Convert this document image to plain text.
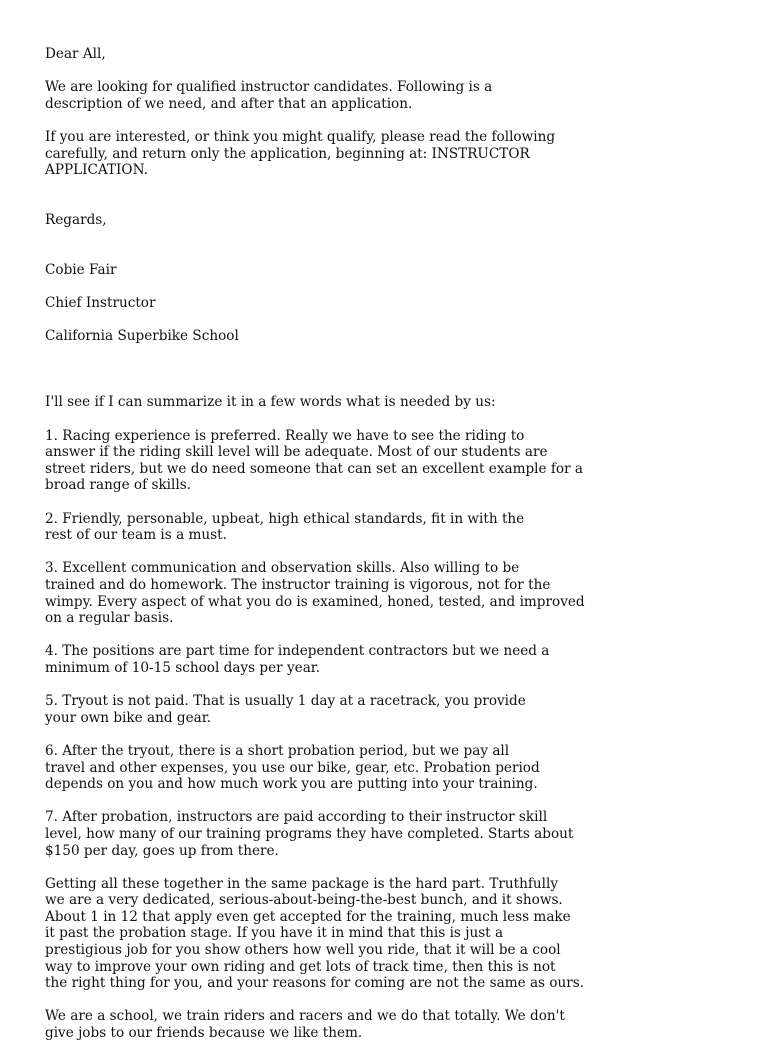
Dear All,

We are looking for qualified instructor candidates. Following is a
description of we need, and after that an application.

If you are interested, or think you might qualify, please read the following
carefully, and return only the application, beginning at: INSTRUCTOR
APPLICATION.

Regards,

Cobie Fair

Chief Instructor

California Superbike School

I'll see if I can summarize it in a few words what is needed by us:

1. Racing experience is preferred. Really we have to see the riding to
answer if the riding skill level will be adequate. Most of our students are
street riders, but we do need someone that can set an excellent example for a
broad range of skills.

2. Friendly, personable, upbeat, high ethical standards, fit in with the
rest of our team is a must.

3. Excellent communication and observation skills. Also willing to be
trained and do homework. The instructor training is vigorous, not for the
wimpy. Every aspect of what you do is examined, honed, tested, and improved
on a regular basis.

4. The positions are part time for independent contractors but we need a
minimum of 10-15 school days per year.

5. Tryout is not paid. That is usually 1 day at a racetrack, you provide
your own bike and gear.

6. After the tryout, there is a short probation period, but we pay all
travel and other expenses, you use our bike, gear, etc. Probation period
depends on you and how much work you are putting into your training.

7. After probation, instructors are paid according to their instructor skill
level, how many of our training programs they have completed. Starts about
$150 per day, goes up from there.

Getting all these together in the same package is the hard part. Truthfully
we are a very dedicated, serious-about-being-the-best bunch, and it shows.
About 1 in 12 that apply even get accepted for the training, much less make
it past the probation stage. If you have it in mind that this is just a
prestigious job for you show others how well you ride, that it will be a cool
way to improve your own riding and get lots of track time, then this is not
the right thing for you, and your reasons for coming are not the same as ours.

We are a school, we train riders and racers and we do that totally. We don't
give jobs to our friends because we like them.
